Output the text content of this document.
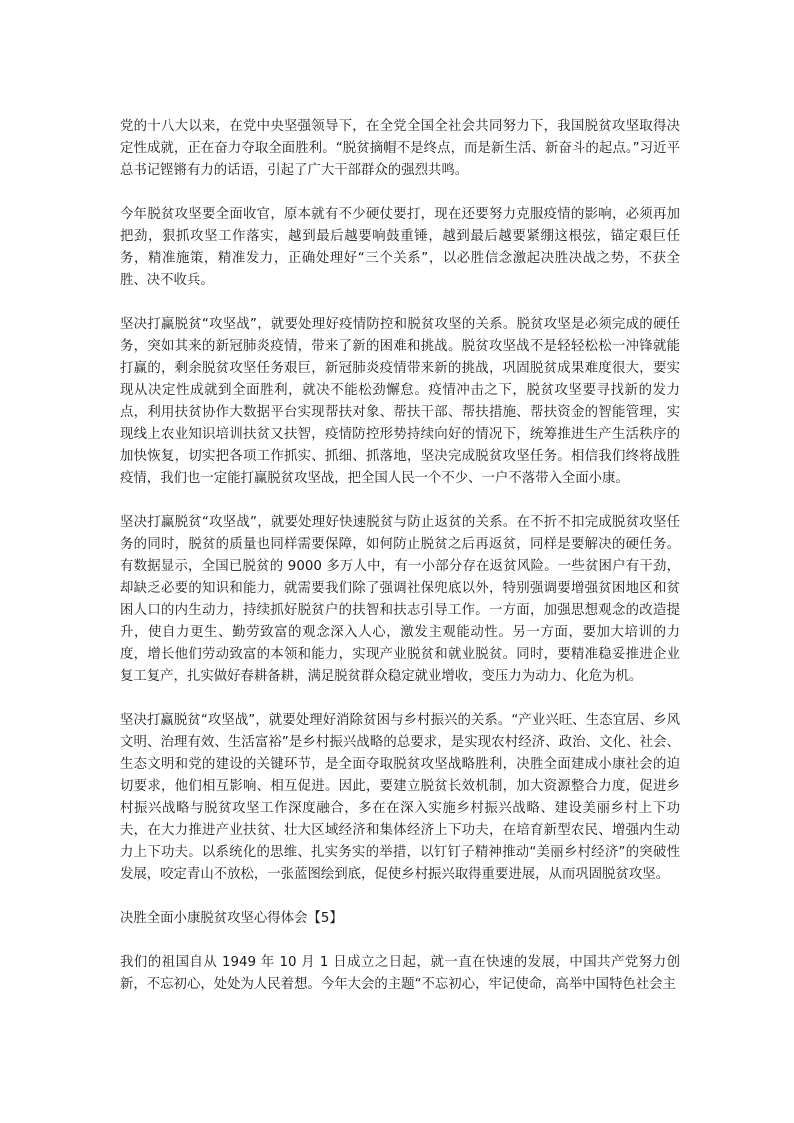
党的十八大以来，在党中央坚强领导下，在全党全国全社会共同努力下，我国脱贫攻坚取得决定性成就，正在奋力夺取全面胜利。“脱贫摘帽不是终点，而是新生活、新奋斗的起点。”习近平总书记铿锵有力的话语，引起了广大干部群众的强烈共鸣。

今年脱贫攻坚要全面收官，原本就有不少硬仗要打，现在还要努力克服疫情的影响，必须再加把劲，狠抓攻坚工作落实，越到最后越要响鼓重锤，越到最后越要紧绷这根弦，锚定艰巨任务，精准施策，精准发力，正确处理好“三个关系”，以必胜信念激起决胜决战之势，不获全胜、决不收兵。

坚决打赢脱贫“攻坚战”，就要处理好疫情防控和脱贫攻坚的关系。脱贫攻坚是必须完成的硬任务，突如其来的新冠肺炎疫情，带来了新的困难和挑战。脱贫攻坚战不是轻轻松松一冲锋就能打赢的，剩余脱贫攻坚任务艰巨，新冠肺炎疫情带来新的挑战，巩固脱贫成果难度很大，要实现从决定性成就到全面胜利，就决不能松劲懈怠。疫情冲击之下，脱贫攻坚要寻找新的发力点，利用扶贫协作大数据平台实现帮扶对象、帮扶干部、帮扶措施、帮扶资金的智能管理，实现线上农业知识培训扶贫又扶智，疫情防控形势持续向好的情况下，统筹推进生产生活秩序的加快恢复，切实把各项工作抓实、抓细、抓落地，坚决完成脱贫攻坚任务。相信我们终将战胜疫情，我们也一定能打赢脱贫攻坚战，把全国人民一个不少、一户不落带入全面小康。

坚决打赢脱贫“攻坚战”，就要处理好快速脱贫与防止返贫的关系。在不折不扣完成脱贫攻坚任务的同时，脱贫的质量也同样需要保障，如何防止脱贫之后再返贫，同样是要解决的硬任务。有数据显示，全国已脱贫的 9000 多万人中，有一小部分存在返贫风险。一些贫困户有干劲，却缺乏必要的知识和能力，就需要我们除了强调社保兜底以外，特别强调要增强贫困地区和贫困人口的内生动力，持续抓好脱贫户的扶智和扶志引导工作。一方面，加强思想观念的改造提升，使自力更生、勤劳致富的观念深入人心，激发主观能动性。另一方面，要加大培训的力度，增长他们劳动致富的本领和能力，实现产业脱贫和就业脱贫。同时，要精准稳妥推进企业复工复产，扎实做好春耕备耕，满足脱贫群众稳定就业增收，变压力为动力、化危为机。

坚决打赢脱贫“攻坚战”，就要处理好消除贫困与乡村振兴的关系。“产业兴旺、生态宜居、乡风文明、治理有效、生活富裕”是乡村振兴战略的总要求，是实现农村经济、政治、文化、社会、生态文明和党的建设的关键环节，是全面夺取脱贫攻坚战略胜利，决胜全面建成小康社会的迫切要求，他们相互影响、相互促进。因此，要建立脱贫长效机制，加大资源整合力度，促进乡村振兴战略与脱贫攻坚工作深度融合，多在在深入实施乡村振兴战略、建设美丽乡村上下功夫，在大力推进产业扶贫、壮大区域经济和集体经济上下功夫，在培育新型农民、增强内生动力上下功夫。以系统化的思维、扎实务实的举措，以钉钉子精神推动“美丽乡村经济”的突破性发展，咬定青山不放松，一张蓝图绘到底，促使乡村振兴取得重要进展，从而巩固脱贫攻坚。

决胜全面小康脱贫攻坚心得体会【5】

我们的祖国自从 1949 年 10 月 1 日成立之日起，就一直在快速的发展，中国共产党努力创新，不忘初心，处处为人民着想。今年大会的主题“不忘初心，牢记使命，高举中国特色社会主
